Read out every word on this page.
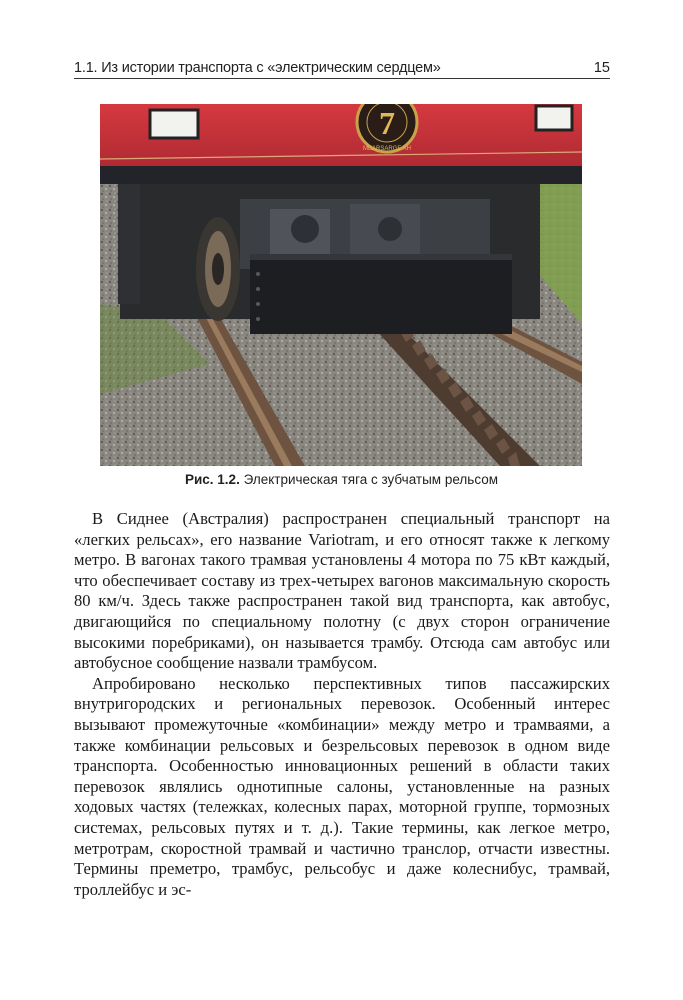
1.1. Из истории транспорта с «электрическим сердцем»	15
7
MEARSARGE AH
Рис. 1.2. Электрическая тяга с зубчатым рельсом

В Сиднее (Австралия) распространен специальный транспорт на «легких рельсах», его название Variotram, и его относят также к легкому метро. В вагонах такого трамвая установлены 4 мотора по 75 кВт каждый, что обеспечивает составу из трех-четырех вагонов максимальную скорость 80 км/ч. Здесь также распространен такой вид транспорта, как автобус, двигающийся по специальному полотну (с двух сторон ограничение высокими поребриками), он называется трамбу. Отсюда сам автобус или автобусное сообщение назвали трамбусом.

Апробировано несколько перспективных типов пассажирских внутригородских и региональных перевозок. Особенный интерес вызывают промежуточные «комбинации» между метро и трамваями, а также комбинации рельсовых и безрельсовых перевозок в одном виде транспорта. Особенностью инновационных решений в области таких перевозок являлись однотипные салоны, установленные на разных ходовых частях (тележках, колесных парах, моторной группе, тормозных системах, рельсовых путях и т. д.). Такие термины, как легкое метро, метротрам, скоростной трамвай и частично транслор, отчасти известны. Термины преметро, трамбус, рельсобус и даже колеснибус, трамвай, троллейбус и эс-
